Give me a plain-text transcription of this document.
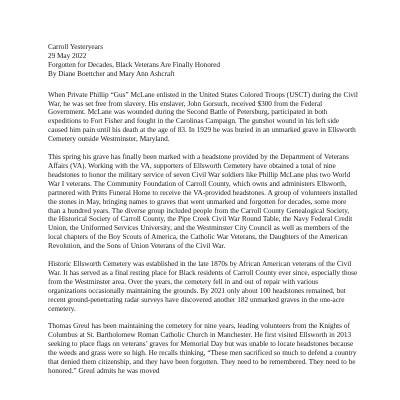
Carroll Yesteryears
29 May 2022
Forgotten for Decades, Black Veterans Are Finally Honored
By Diane Boettcher and Mary Ann Ashcraft

When Private Phillip “Gus” McLane enlisted in the United States Colored Troops (USCT) during the Civil War, he was set free from slavery. His enslaver, John Gorsuch, received $300 from the Federal Government. McLane was wounded during the Second Battle of Petersburg, participated in both expeditions to Fort Fisher and fought in the Carolinas Campaign. The gunshot wound in his left side caused him pain until his death at the age of 83. In 1929 he was buried in an unmarked grave in Ellsworth Cemetery outside Westminster, Maryland.

This spring his grave has finally been marked with a headstone provided by the Department of Veterans Affairs (VA). Working with the VA, supporters of Ellsworth Cemetery have obtained a total of nine headstones to honor the military service of seven Civil War soldiers like Phillip McLane plus two World War I veterans. The Community Foundation of Carroll County, which owns and administers Ellsworth, partnered with Pritts Funeral Home to receive the VA-provided headstones. A group of volunteers installed the stones in May, bringing names to graves that went unmarked and forgotten for decades, some more than a hundred years. The diverse group included people from the Carroll County Genealogical Society, the Historical Society of Carroll County, the Pipe Creek Civil War Round Table, the Navy Federal Credit Union, the Uniformed Services University, and the Westminster City Council as well as members of the local chapters of the Boy Scouts of America, the Catholic War Veterans, the Daughters of the American Revolution, and the Sons of Union Veterans of the Civil War.

Historic Ellsworth Cemetery was established in the late 1870s by African American veterans of the Civil War. It has served as a final resting place for Black residents of Carroll County ever since, especially those from the Westminster area. Over the years, the cemetery fell in and out of repair with various organizations occasionally maintaining the grounds. By 2021 only about 100 headstones remained, but recent ground-penetrating radar surveys have discovered another 182 unmarked graves in the one-acre cemetery.

Thomas Greul has been maintaining the cemetery for nine years, leading volunteers from the Knights of Columbus at St. Bartholomew Roman Catholic Church in Manchester. He first visited Ellsworth in 2013 seeking to place flags on veterans’ graves for Memorial Day but was unable to locate headstones because the weeds and grass were so high. He recalls thinking, “These men sacrificed so much to defend a country that denied them citizenship, and they have been forgotten. They need to be remembered. They need to be honored.” Greul admits he was moved
